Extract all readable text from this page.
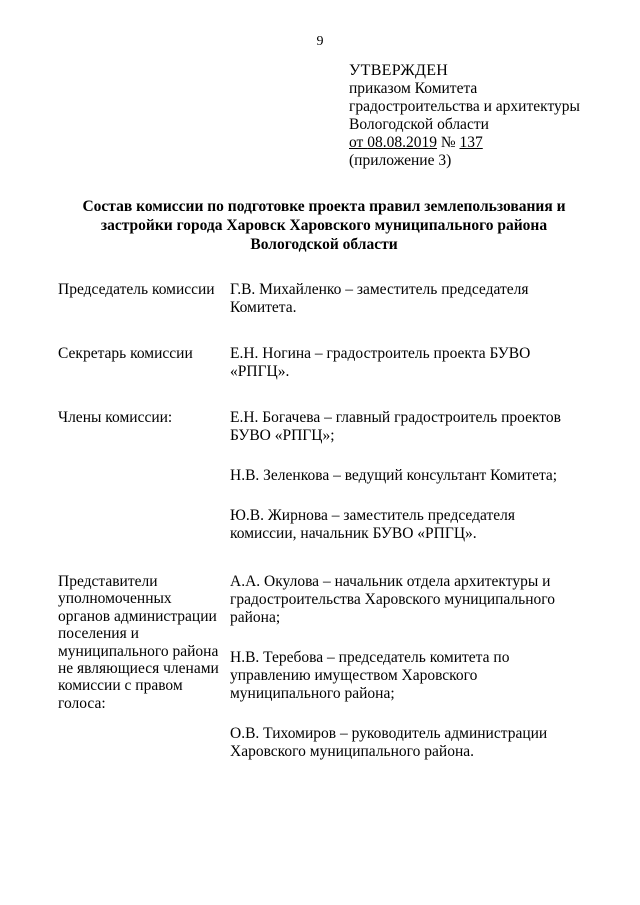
9
УТВЕРЖДЕН
приказом Комитета
градостроительства и архитектуры
Вологодской области
от 08.08.2019 № 137
(приложение 3)
Состав комиссии по подготовке проекта правил землепользования и
застройки города Харовск Харовского муниципального района
Вологодской области
Председатель комиссии Г.В. Михайленко – заместитель председателя
Комитета.
Секретарь комиссии	Е.Н. Ногина – градостроитель проекта БУВО
«РПГЦ».
Члены комиссии:	Е.Н. Богачева – главный градостроитель проектов
БУВО «РПГЦ»;
Н.В. Зеленкова – ведущий консультант Комитета;
Ю.В. Жирнова – заместитель председателя
комиссии, начальник БУВО «РПГЦ».
Представители
уполномоченных
органов администрации
поселения и
муниципального района
не являющиеся членами
комиссии с правом
голоса:
А.А. Окулова – начальник отдела архитектуры и
градостроительства Харовского муниципального
района;
Н.В. Теребова – председатель комитета по
управлению имуществом Харовского
муниципального района;
О.В. Тихомиров – руководитель администрации
Харовского муниципального района.
